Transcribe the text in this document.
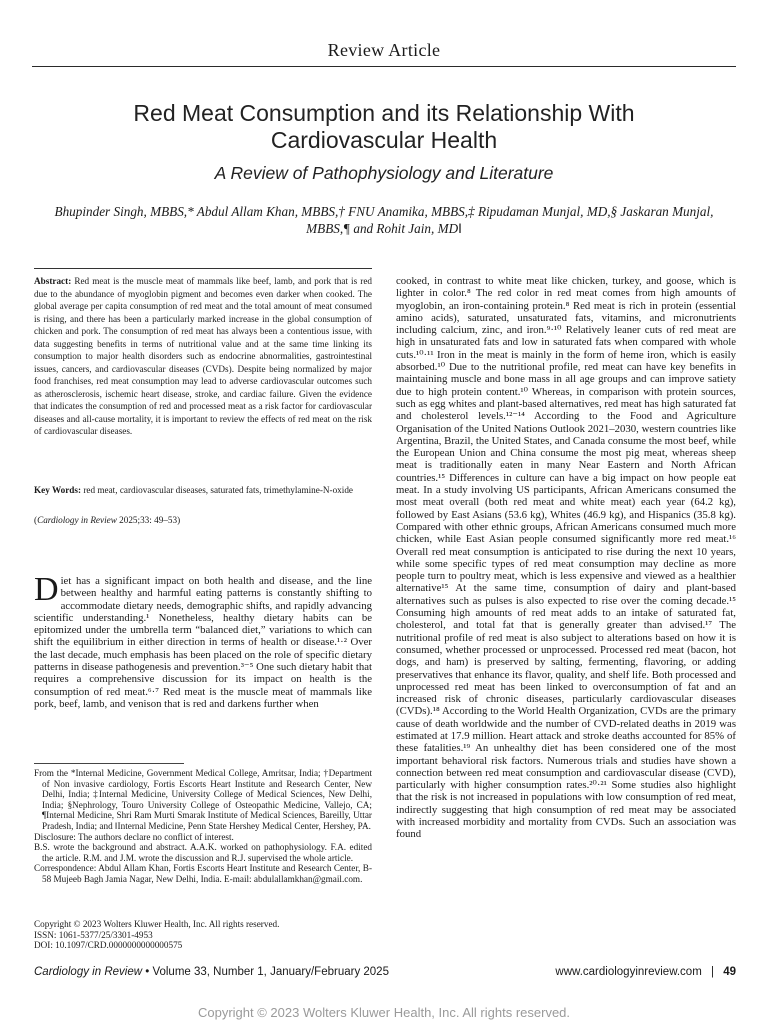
Review Article
Red Meat Consumption and its Relationship With Cardiovascular Health
A Review of Pathophysiology and Literature
Bhupinder Singh, MBBS,* Abdul Allam Khan, MBBS,† FNU Anamika, MBBS,‡ Ripudaman Munjal, MD,§ Jaskaran Munjal, MBBS,¶ and Rohit Jain, MD‖
Abstract: Red meat is the muscle meat of mammals like beef, lamb, and pork that is red due to the abundance of myoglobin pigment and becomes even darker when cooked. The global average per capita consumption of red meat and the total amount of meat consumed is rising, and there has been a particularly marked increase in the global consumption of chicken and pork. The consumption of red meat has always been a contentious issue, with data suggesting benefits in terms of nutritional value and at the same time linking its consumption to major health disorders such as endocrine abnormalities, gastrointestinal issues, cancers, and cardiovascular diseases (CVDs). Despite being normalized by major food franchises, red meat consumption may lead to adverse cardiovascular outcomes such as atherosclerosis, ischemic heart disease, stroke, and cardiac failure. Given the evidence that indicates the consumption of red and processed meat as a risk factor for cardiovascular diseases and all-cause mortality, it is important to review the effects of red meat on the risk of cardiovascular diseases.
Key Words: red meat, cardiovascular diseases, saturated fats, trimethylamine-N-oxide
(Cardiology in Review 2025;33: 49–53)
Diet has a significant impact on both health and disease, and the line between healthy and harmful eating patterns is constantly shifting to accommodate dietary needs, demographic shifts, and rapidly advancing scientific understanding.¹ Nonetheless, healthy dietary habits can be epitomized under the umbrella term “balanced diet,” variations to which can shift the equilibrium in either direction in terms of health or disease.¹·² Over the last decade, much emphasis has been placed on the role of specific dietary patterns in disease pathogenesis and prevention.³⁻⁵ One such dietary habit that requires a comprehensive discussion for its impact on health is the consumption of red meat.⁶·⁷ Red meat is the muscle meat of mammals like pork, beef, lamb, and venison that is red and darkens further when

From the *Internal Medicine, Government Medical College, Amritsar, India; †Department of Non invasive cardiology, Fortis Escorts Heart Institute and Research Center, New Delhi, India; ‡Internal Medicine, University College of Medical Sciences, New Delhi, India; §Nephrology, Touro University College of Osteopathic Medicine, Vallejo, CA; ¶Internal Medicine, Shri Ram Murti Smarak Institute of Medical Sciences, Bareilly, Uttar Pradesh, India; and ‖Internal Medicine, Penn State Hershey Medical Center, Hershey, PA.

Disclosure: The authors declare no conflict of interest.

B.S. wrote the background and abstract. A.A.K. worked on pathophysiology. F.A. edited the article. R.M. and J.M. wrote the discussion and R.J. supervised the whole article.

Correspondence: Abdul Allam Khan, Fortis Escorts Heart Institute and Research Center, B-58 Mujeeb Bagh Jamia Nagar, New Delhi, India. E-mail: abdulallamkhan@gmail.com.

Copyright © 2023 Wolters Kluwer Health, Inc. All rights reserved.

ISSN: 1061-5377/25/3301-4953

DOI: 10.1097/CRD.0000000000000575

cooked, in contrast to white meat like chicken, turkey, and goose, which is lighter in color.⁸ The red color in red meat comes from high amounts of myoglobin, an iron-containing protein.⁸ Red meat is rich in protein (essential amino acids), saturated, unsaturated fats, vitamins, and micronutrients including calcium, zinc, and iron.⁹·¹⁰ Relatively leaner cuts of red meat are high in unsaturated fats and low in saturated fats when compared with whole cuts.¹⁰·¹¹ Iron in the meat is mainly in the form of heme iron, which is easily absorbed.¹⁰ Due to the nutritional profile, red meat can have key benefits in maintaining muscle and bone mass in all age groups and can improve satiety due to high protein content.¹⁰ Whereas, in comparison with protein sources, such as egg whites and plant-based alternatives, red meat has high saturated fat and cholesterol levels.¹²⁻¹⁴ According to the Food and Agriculture Organisation of the United Nations Outlook 2021–2030, western countries like Argentina, Brazil, the United States, and Canada consume the most beef, while the European Union and China consume the most pig meat, whereas sheep meat is traditionally eaten in many Near Eastern and North African countries.¹⁵ Differences in culture can have a big impact on how people eat meat. In a study involving US participants, African Americans consumed the most meat overall (both red meat and white meat) each year (64.2 kg), followed by East Asians (53.6 kg), Whites (46.9 kg), and Hispanics (35.8 kg). Compared with other ethnic groups, African Americans consumed much more chicken, while East Asian people consumed significantly more red meat.¹⁶ Overall red meat consumption is anticipated to rise during the next 10 years, while some specific types of red meat consumption may decline as more people turn to poultry meat, which is less expensive and viewed as a healthier alternative¹⁵ At the same time, consumption of dairy and plant-based alternatives such as pulses is also expected to rise over the coming decade.¹⁵ Consuming high amounts of red meat adds to an intake of saturated fat, cholesterol, and total fat that is generally greater than advised.¹⁷ The nutritional profile of red meat is also subject to alterations based on how it is consumed, whether processed or unprocessed. Processed red meat (bacon, hot dogs, and ham) is preserved by salting, fermenting, flavoring, or adding preservatives that enhance its flavor, quality, and shelf life. Both processed and unprocessed red meat has been linked to overconsumption of fat and an increased risk of chronic diseases, particularly cardiovascular diseases (CVDs).¹⁸ According to the World Health Organization, CVDs are the primary cause of death worldwide and the number of CVD-related deaths in 2019 was estimated at 17.9 million. Heart attack and stroke deaths accounted for 85% of these fatalities.¹⁹ An unhealthy diet has been considered one of the most important behavioral risk factors. Numerous trials and studies have shown a connection between red meat consumption and cardiovascular disease (CVD), particularly with higher consumption rates.²⁰·²¹ Some studies also highlight that the risk is not increased in populations with low consumption of red meat, indirectly suggesting that high consumption of red meat may be associated with increased morbidity and mortality from CVDs. Such an association was found
Cardiology in Review • Volume 33, Number 1, January/February 2025	www.cardiologyinreview.com | 49
Copyright © 2023 Wolters Kluwer Health, Inc. All rights reserved.
